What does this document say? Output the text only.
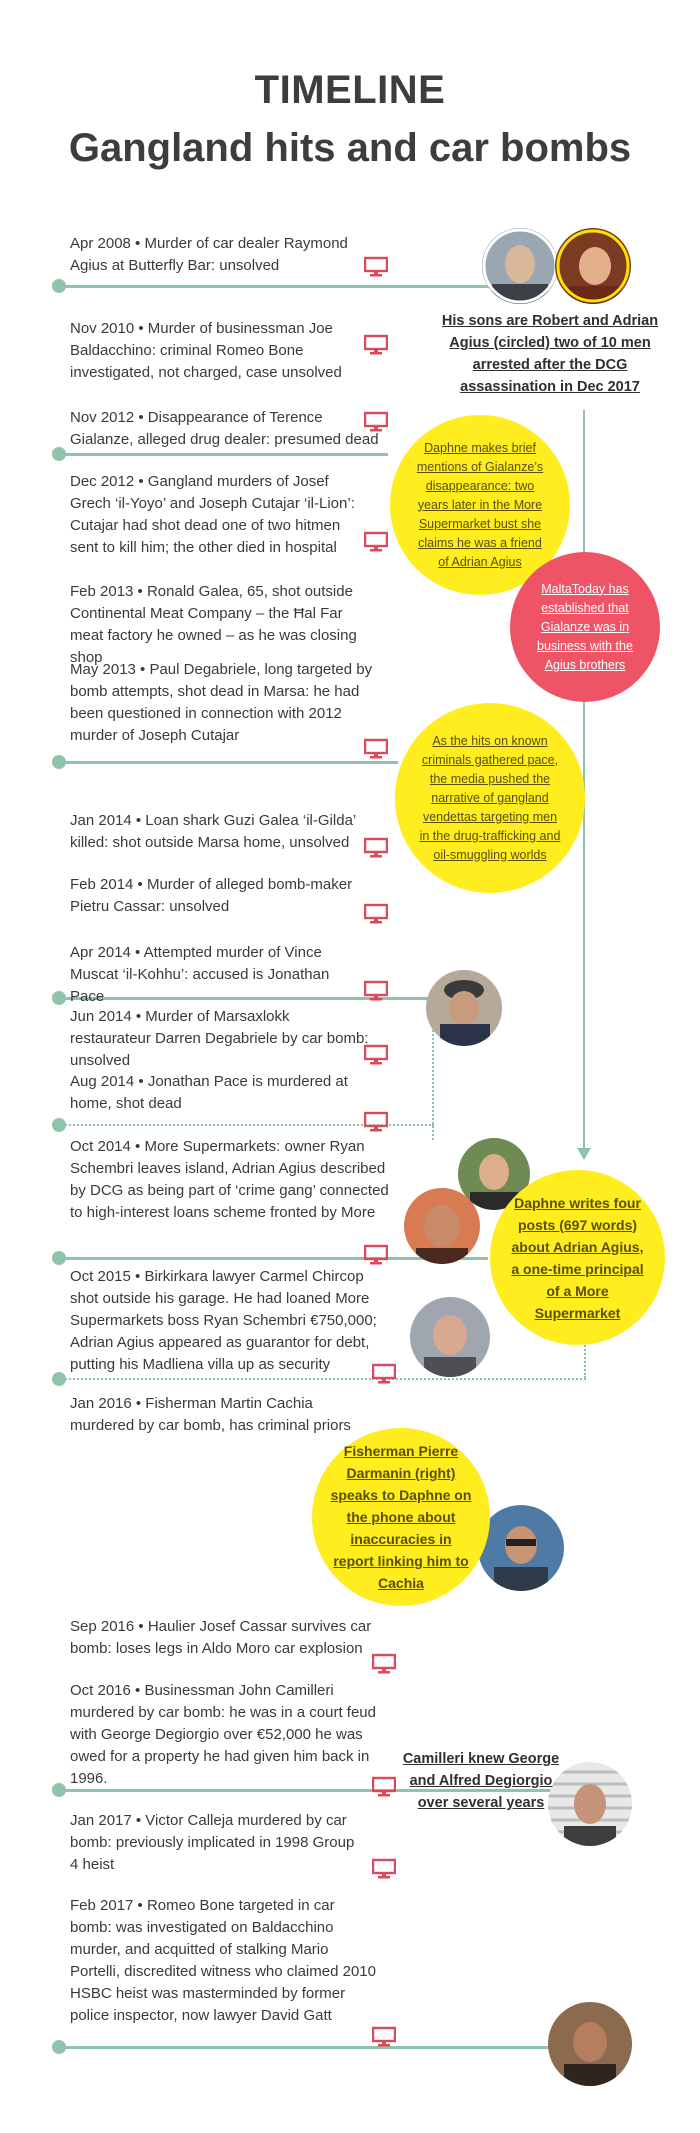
TIMELINE
Gangland hits and car bombs
Apr 2008 • Murder of car dealer Raymond Agius at Butterfly Bar: unsolved
Nov 2010 • Murder of businessman Joe Baldacchino: criminal Romeo Bone investigated, not charged, case unsolved
Nov 2012 • Disappearance of Terence Gialanze, alleged drug dealer: presumed dead
Dec 2012 • Gangland murders of Josef Grech ‘il-Yoyo’ and Joseph Cutajar ‘il-Lion’: Cutajar had shot dead one of two hitmen sent to kill him; the other died in hospital
Feb 2013 • Ronald Galea, 65, shot outside Continental Meat Company – the Ħal Far meat factory he owned – as he was closing shop
May 2013 • Paul Degabriele, long targeted by bomb attempts, shot dead in Marsa: he had been questioned in connection with 2012 murder of Joseph Cutajar
Jan 2014 • Loan shark Guzi Galea ‘il-Gilda’ killed: shot outside Marsa home, unsolved
Feb 2014 • Murder of alleged bomb-maker Pietru Cassar: unsolved
Apr 2014 • Attempted murder of Vince Muscat ‘il-Kohhu’: accused is Jonathan Pace
Jun 2014 • Murder of Marsaxlokk restaurateur Darren Degabriele by car bomb: unsolved
Aug 2014 • Jonathan Pace is murdered at home, shot dead
Oct 2014 • More Supermarkets: owner Ryan Schembri leaves island, Adrian Agius described by DCG as being part of ‘crime gang’ connected to high-interest loans scheme fronted by More
Oct 2015 • Birkirkara lawyer Carmel Chircop shot outside his garage. He had loaned More Supermarkets boss Ryan Schembri €750,000; Adrian Agius appeared as guarantor for debt, putting his Madliena villa up as security
Jan 2016 • Fisherman Martin Cachia murdered by car bomb, has criminal priors
Sep 2016 • Haulier Josef Cassar survives car bomb: loses legs in Aldo Moro car explosion
Oct 2016 • Businessman John Camilleri murdered by car bomb: he was in a court feud with George Degiorgio over €52,000 he was owed for a property he had given him back in 1996.
Jan 2017 • Victor Calleja murdered by car bomb: previously implicated in 1998 Group 4 heist
Feb 2017 • Romeo Bone targeted in car bomb: was investigated on Baldacchino murder, and acquitted of stalking Mario Portelli, discredited witness who claimed 2010 HSBC heist was masterminded by former police inspector, now lawyer David Gatt
His sons are Robert and Adrian Agius (circled) two of 10 men arrested after the DCG assassination in Dec 2017
Camilleri knew George and Alfred Degiorgio over several years
Daphne makes brief mentions of Gialanze’s disappearance: two years later in the More Supermarket bust she claims he was a friend of Adrian Agius
MaltaToday has established that Gialanze was in business with the Agius brothers
As the hits on known criminals gathered pace, the media pushed the narrative of gangland vendettas targeting men in the drug-trafficking and oil-smuggling worlds
Daphne writes four posts (697 words) about Adrian Agius, a one-time principal of a More Supermarket
Fisherman Pierre Darmanin (right) speaks to Daphne on the phone about inaccuracies in report linking him to Cachia
